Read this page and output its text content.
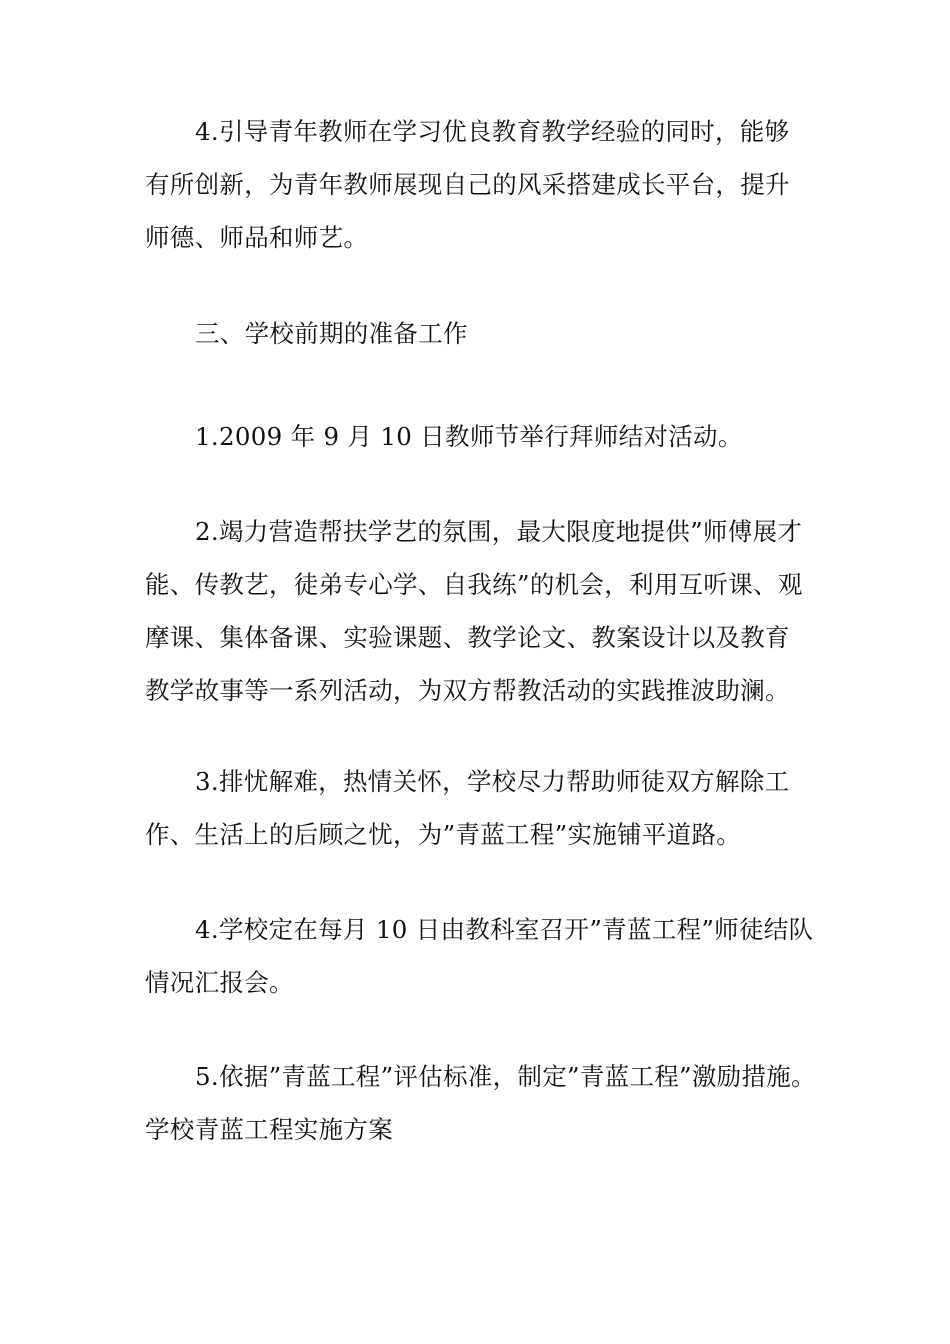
4.引导青年教师在学习优良教育教学经验的同时，能够
有所创新，为青年教师展现自己的风采搭建成长平台，提升
师德、师品和师艺。
三、学校前期的准备工作
1.2009 年 9 月 10 日教师节举行拜师结对活动。
2.竭力营造帮扶学艺的氛围，最大限度地提供”师傅展才
能、传教艺，徒弟专心学、自我练”的机会，利用互听课、观
摩课、集体备课、实验课题、教学论文、教案设计以及教育
教学故事等一系列活动，为双方帮教活动的实践推波助澜。
3.排忧解难，热情关怀，学校尽力帮助师徒双方解除工
作、生活上的后顾之忧，为”青蓝工程”实施铺平道路。
4.学校定在每月 10 日由教科室召开”青蓝工程”师徒结队
情况汇报会。
5.依据”青蓝工程”评估标准，制定”青蓝工程”激励措施。
学校青蓝工程实施方案
